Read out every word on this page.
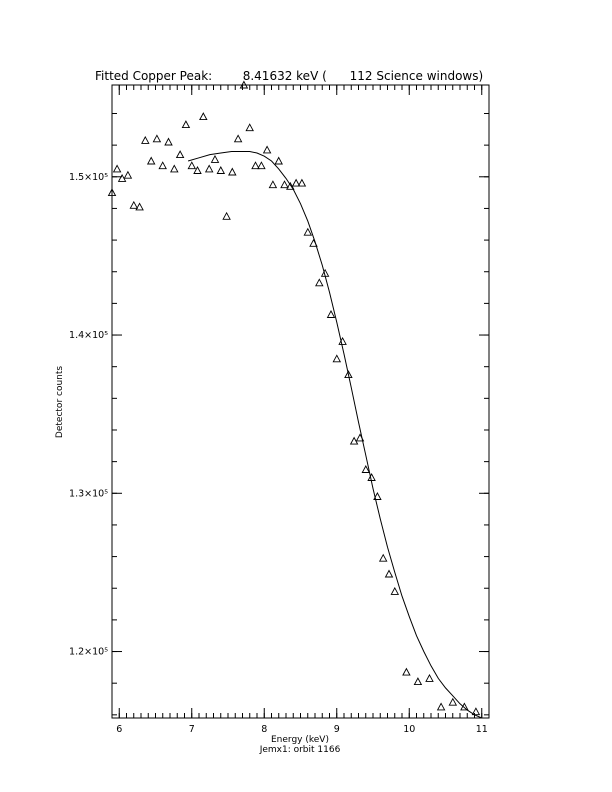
Fitted Copper Peak:        8.41632 keV (      112 Science windows)
6	7	8	9	10	11
1.2×10⁵
1.3×10⁵
1.4×10⁵
1.5×10⁵
Energy (keV)
Jemx1: orbit 1166
Detector counts
